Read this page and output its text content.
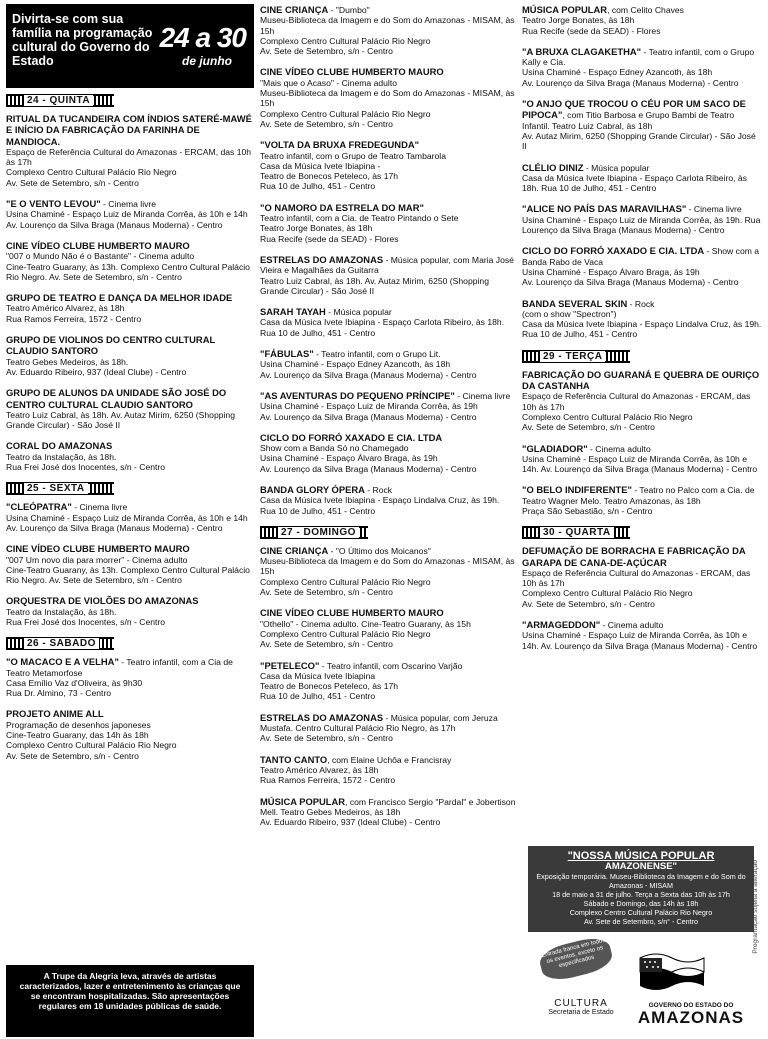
Divirta-se com sua família na programação cultural do Governo do Estado
24 a 30
de junho
24 - QUINTA
RITUAL DA TUCANDEIRA COM ÍNDIOS SATERÉ-MAWÉ E INÍCIO DA FABRICAÇÃO DA FARINHA DE MANDIOCA.
Espaço de Referência Cultural do Amazonas - ERCAM, das 10h às 17h
Complexo Centro Cultural Palácio Rio Negro
Av. Sete de Setembro, s/n - Centro
"E O VENTO LEVOU" - Cinema livre
Usina Chaminé - Espaço Luiz de Miranda Corrêa, às 10h e 14h
Av. Lourenço da Silva Braga (Manaus Moderna) - Centro
CINE VÍDEO CLUBE HUMBERTO MAURO
"007 o Mundo Não é o Bastante" - Cinema adulto
Cine-Teatro Guarany, às 13h. Complexo Centro Cultural Palácio Rio Negro. Av. Sete de Setembro, s/n - Centro
GRUPO DE TEATRO E DANÇA DA MELHOR IDADE
Teatro Américo Alvarez, às 18h
Rua Ramos Ferreira, 1572 - Centro
GRUPO DE VIOLINOS DO CENTRO CULTURAL CLAUDIO SANTORO
Teatro Gebes Medeiros, às 18h.
Av. Eduardo Ribeiro, 937 (Ideal Clube) - Centro
GRUPO DE ALUNOS DA UNIDADE SÃO JOSÉ DO CENTRO CULTURAL CLAUDIO SANTORO
Teatro Luiz Cabral, às 18h. Av. Autaz Mirim, 6250 (Shopping Grande Circular) - São José II
CORAL DO AMAZONAS
Teatro da Instalação, às 18h.
Rua Frei José dos Inocentes, s/n - Centro
25 - SEXTA
"CLEÓPATRA" - Cinema livre
Usina Chaminé - Espaço Luiz de Miranda Corrêa, às 10h e 14h
Av. Lourenço da Silva Braga (Manaus Moderna) - Centro
CINE VÍDEO CLUBE HUMBERTO MAURO
"007 Um novo dia para morrer" - Cinema adulto
Cine-Teatro Guarany, às 13h. Complexo Centro Cultural Palácio Rio Negro. Av. Sete de Setembro, s/n - Centro
ORQUESTRA DE VIOLÕES DO AMAZONAS
Teatro da Instalação, às 18h.
Rua Frei José dos Inocentes, s/n - Centro
26 - SÁBADO
"O MACACO E A VELHA" - Teatro infantil, com a Cia de Teatro Metamorfose
Casa Emílio Vaz d'Oliveira, às 9h30
Rua Dr. Almino, 73 - Centro
PROJETO ANIME ALL
Programação de desenhos japoneses
Cine-Teatro Guarany, das 14h às 18h
Complexo Centro Cultural Palácio Rio Negro
Av. Sete de Setembro, s/n - Centro
A Trupe da Alegria leva, através de artistas caracterizados, lazer e entretenimento às crianças que se encontram hospitalizadas. São apresentações regulares em 18 unidades públicas de saúde.
CINE CRIANÇA - "Dumbo"
Museu-Biblioteca da Imagem e do Som do Amazonas - MISAM, às 15h
Complexo Centro Cultural Palácio Rio Negro
Av. Sete de Setembro, s/n - Centro
CINE VÍDEO CLUBE HUMBERTO MAURO
"Mais que o Acaso" - Cinema adulto
Museu-Biblioteca da Imagem e do Som do Amazonas - MISAM, às 15h
Complexo Centro Cultural Palácio Rio Negro
Av. Sete de Setembro, s/n - Centro
"VOLTA DA BRUXA FREDEGUNDA"
Teatro infantil, com o Grupo de Teatro Tambarola
Casa da Música Ivete Ibiapina -
Teatro de Bonecos Peteleco, às 17h
Rua 10 de Julho, 451 - Centro
"O NAMORO DA ESTRELA DO MAR"
Teatro infantil, com a Cia. de Teatro Pintando o Sete
Teatro Jorge Bonates, às 18h
Rua Recife (sede da SEAD) - Flores
ESTRELAS DO AMAZONAS - Música popular, com Maria José Vieira e Magalhães da Guitarra
Teatro Luiz Cabral, às 18h. Av. Autaz Mirim, 6250 (Shopping Grande Circular) - São José II
SARAH TAYAH - Música popular
Casa da Música Ivete Ibiapina - Espaço Carlota Ribeiro, às 18h. Rua 10 de Julho, 451 - Centro
"FÁBULAS" - Teatro infantil, com o Grupo Lit.
Usina Chaminé - Espaço Edney Azancoth, às 18h
Av. Lourenço da Silva Braga (Manaus Moderna) - Centro
"AS AVENTURAS DO PEQUENO PRÍNCIPE" - Cinema livre
Usina Chaminé - Espaço Luiz de Miranda Corrêa, às 19h
Av. Lourenço da Silva Braga (Manaus Moderna) - Centro
CICLO DO FORRÓ XAXADO E CIA. LTDA
Show com a Banda Só no Chamegado
Usina Chaminé - Espaço Álvaro Braga, às 19h
Av. Lourenço da Silva Braga (Manaus Moderna) - Centro
BANDA GLORY ÓPERA - Rock
Casa da Música Ivete Ibiapina - Espaço Lindalva Cruz, às 19h. Rua 10 de Julho, 451 - Centro
27 - DOMINGO
CINE CRIANÇA - "O Último dos Moicanos"
Museu-Biblioteca da Imagem e do Som do Amazonas - MISAM, às 15h
Complexo Centro Cultural Palácio Rio Negro
Av. Sete de Setembro, s/n - Centro
CINE VÍDEO CLUBE HUMBERTO MAURO
"Othello" - Cinema adulto. Cine-Teatro Guarany, às 15h
Complexo Centro Cultural Palácio Rio Negro
Av. Sete de Setembro, s/n - Centro
"PETELECO" - Teatro infantil, com Oscarino Varjão
Casa da Música Ivete Ibiapina
Teatro de Bonecos Peteleco, às 17h
Rua 10 de Julho, 451 - Centro
ESTRELAS DO AMAZONAS - Música popular, com Jeruza Mustafa. Centro Cultural Palácio Rio Negro, às 17h
Av. Sete de Setembro, s/n - Centro
TANTO CANTO, com Elaine Uchôa e Francisray
Teatro Américo Alvarez, às 18h
Rua Ramos Ferreira, 1572 - Centro
MÚSICA POPULAR, com Francisco Sergio "Pardal" e Jobertison Mell. Teatro Gebes Medeiros, às 18h
Av. Eduardo Ribeiro, 937 (Ideal Clube) - Centro
MÚSICA POPULAR, com Celito Chaves
Teatro Jorge Bonates, às 18h
Rua Recife (sede da SEAD) - Flores
"A BRUXA CLAGAKETHA" - Teatro infantil, com o Grupo Kally e Cia.
Usina Chaminé - Espaço Edney Azancoth, às 18h
Av. Lourenço da Silva Braga (Manaus Moderna) - Centro
"O ANJO QUE TROCOU O CÉU POR UM SACO DE PIPOCA", com Titio Barbosa e Grupo Bambi de Teatro Infantil. Teatro Luiz Cabral, às 18h
Av. Autaz Mirim, 6250 (Shopping Grande Circular) - São José II
CLÉLIO DINIZ - Música popular
Casa da Música Ivete Ibiapina - Espaço Carlota Ribeiro, às 18h. Rua 10 de Julho, 451 - Centro
"ALICE NO PAÍS DAS MARAVILHAS" - Cinema livre
Usina Chaminé - Espaço Luiz de Miranda Corrêa, às 19h. Rua Lourenço da Silva Braga (Manaus Moderna) - Centro
CICLO DO FORRÓ XAXADO E CIA. LTDA - Show com a Banda Rabo de Vaca
Usina Chaminé - Espaço Álvaro Braga, às 19h
Av. Lourenço da Silva Braga (Manaus Moderna) - Centro
BANDA SEVERAL SKIN - Rock
(com o show "Spectron")
Casa da Música Ivete Ibiapina - Espaço Lindalva Cruz, às 19h. Rua 10 de Julho, 451 - Centro
29 - TERÇA
FABRICAÇÃO DO GUARANÁ E QUEBRA DE OURIÇO DA CASTANHA
Espaço de Referência Cultural do Amazonas - ERCAM, das 10h às 17h
Complexo Centro Cultural Palácio Rio Negro
Av. Sete de Setembro, s/n - Centro
"GLADIADOR" - Cinema adulto
Usina Chaminé - Espaço Luiz de Miranda Corrêa, às 10h e 14h. Av. Lourenço da Silva Braga (Manaus Moderna) - Centro
"O BELO INDIFERENTE" - Teatro no Palco com a Cia. de Teatro Wagner Melo. Teatro Amazonas, às 18h
Praça São Sebastião, s/n - Centro
30 - QUARTA
DEFUMAÇÃO DE BORRACHA E FABRICAÇÃO DA GARAPA DE CANA-DE-AÇÚCAR
Espaço de Referência Cultural do Amazonas - ERCAM, das 10h às 17h
Complexo Centro Cultural Palácio Rio Negro
Av. Sete de Setembro, s/n - Centro
"ARMAGEDDON" - Cinema adulto
Usina Chaminé - Espaço Luiz de Miranda Corrêa, às 10h e 14h. Av. Lourenço da Silva Braga (Manaus Moderna) - Centro
"NOSSA MÚSICA POPULAR
AMAZONENSE"
Exposição temporária. Museu-Biblioteca da Imagem e do Som do Amazonas - MISAM
18 de maio a 31 de julho. Terça a Sexta das 10h às 17h
Sábado e Domingo, das 14h às 18h
Complexo Centro Cultural Palácio Rio Negro
Av. Sete de Setembro, s/n° - Centro
Entrada franca em todos os eventos, exceto os especificados
CULTURA
Secretaria de Estado
GOVERNO DO ESTADO DO
AMAZONAS
Programação sujeita a alteração
